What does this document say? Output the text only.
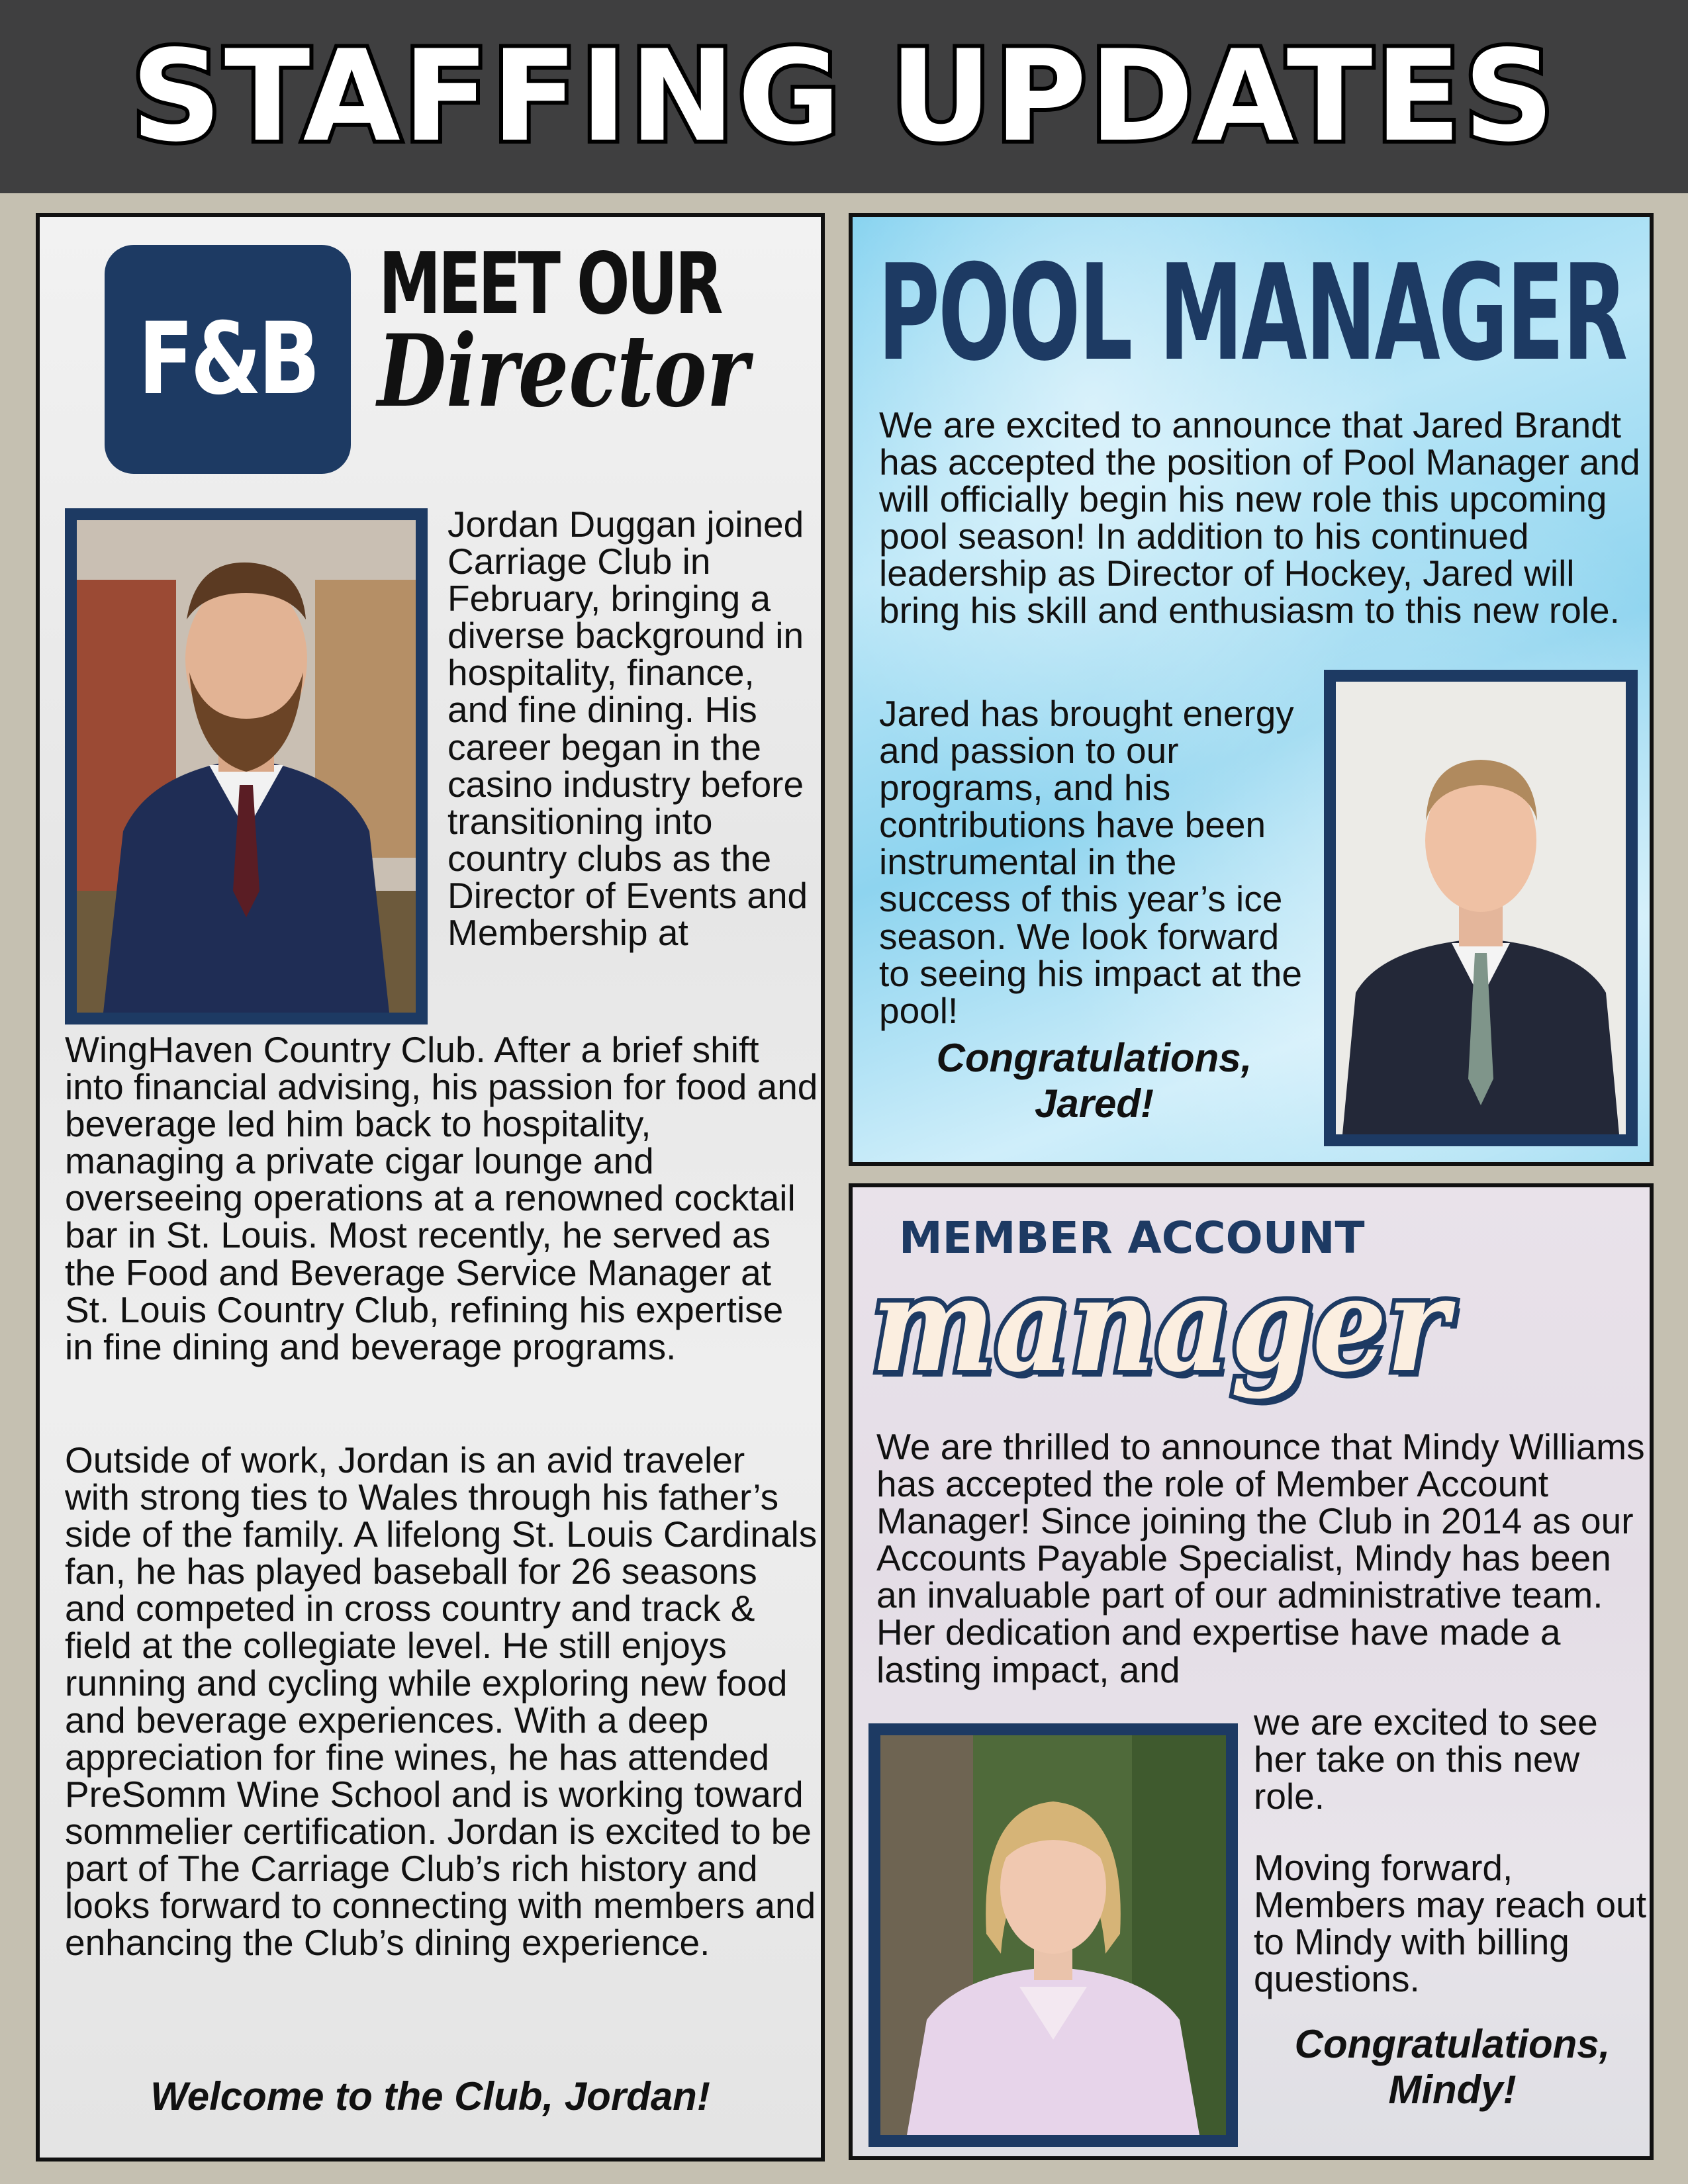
STAFFING UPDATES
F&B
MEET OUR
Director

Jordan Duggan joined Carriage Club in February, bringing a diverse background in hospitality, finance, and fine dining. His career began in the casino industry before transitioning into country clubs as the Director of Events and Membership at

WingHaven Country Club. After a brief shift into financial advising, his passion for food and beverage led him back to hospitality, managing a private cigar lounge and overseeing operations at a renowned cocktail bar in St. Louis. Most recently, he served as the Food and Beverage Service Manager at St. Louis Country Club, refining his expertise in fine dining and beverage programs.

Outside of work, Jordan is an avid traveler with strong ties to Wales through his father’s side of the family. A lifelong St. Louis Cardinals fan, he has played baseball for 26 seasons and competed in cross country and track & field at the collegiate level. He still enjoys running and cycling while exploring new food and beverage experiences. With a deep appreciation for fine wines, he has attended PreSomm Wine School and is working toward sommelier certification. Jordan is excited to be part of The Carriage Club’s rich history and looks forward to connecting with members and enhancing the Club’s dining experience.

Welcome to the Club, Jordan!
POOL MANAGER

We are excited to announce that Jared Brandt has accepted the position of Pool Manager and will officially begin his new role this upcoming pool season! In addition to his continued leadership as Director of Hockey, Jared will bring his skill and enthusiasm to this new role.

Jared has brought energy and passion to our programs, and his contributions have been instrumental in the success of this year’s ice season. We look forward to seeing his impact at the pool!

Congratulations,
Jared!
MEMBER ACCOUNT
manager

We are thrilled to announce that Mindy Williams has accepted the role of Member Account Manager! Since joining the Club in 2014 as our Accounts Payable Specialist, Mindy has been an invaluable part of our administrative team. Her dedication and expertise have made a lasting impact, and

we are excited to see her take on this new role.

Moving forward, Members may reach out to Mindy with billing questions.

Congratulations,
Mindy!
